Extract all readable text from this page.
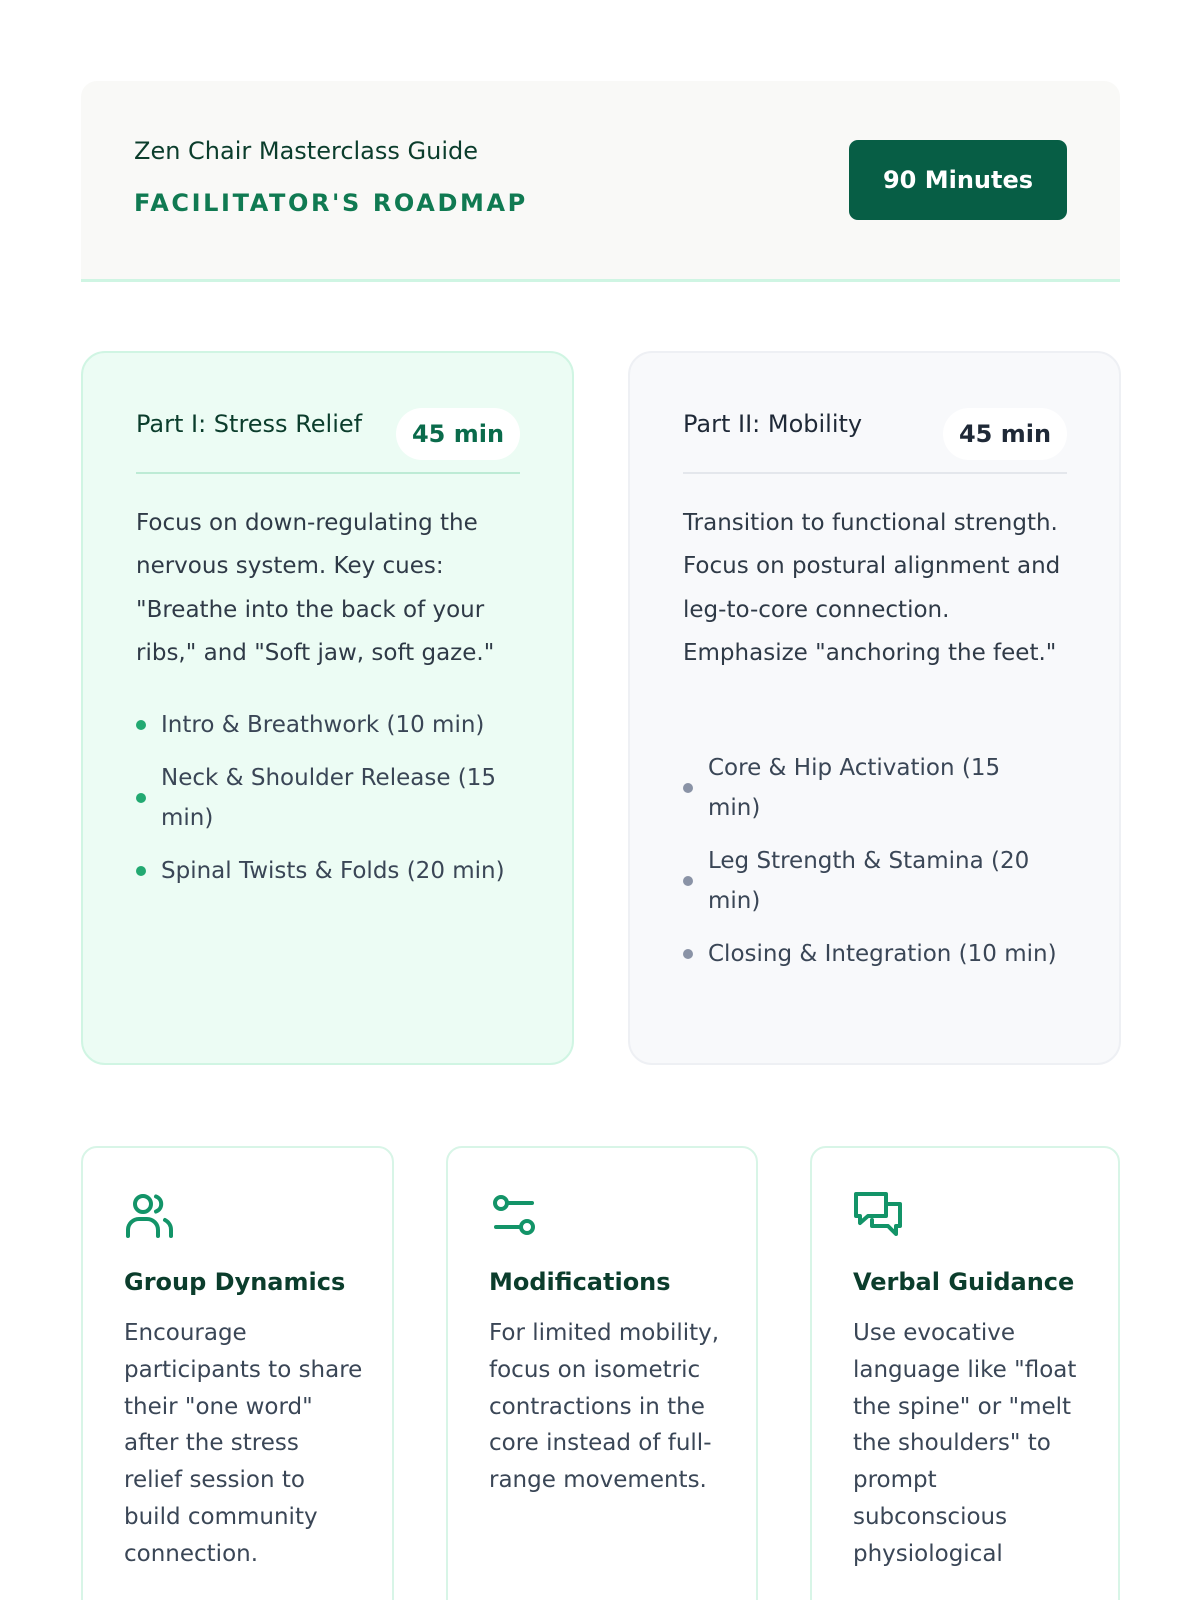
Zen Chair Masterclass Guide
FACILITATOR'S ROADMAP
90 Minutes
Part I: Stress Relief	45 min
Focus on down-regulating the nervous system. Key cues: "Breathe into the back of your ribs," and "Soft jaw, soft gaze."
Intro & Breathwork (10 min)
Neck & Shoulder Release (15 min)
Spinal Twists & Folds (20 min)
Part II: Mobility	45 min
Transition to functional strength. Focus on postural alignment and leg-to-core connection. Emphasize "anchoring the feet."
Core & Hip Activation (15 min)
Leg Strength & Stamina (20 min)
Closing & Integration (10 min)
Group Dynamics
Encourage participants to share their "one word" after the stress relief session to build community connection.
Modifications
For limited mobility, focus on isometric contractions in the core instead of full-range movements.
Verbal Guidance
Use evocative language like "float the spine" or "melt the shoulders" to prompt subconscious physiological
